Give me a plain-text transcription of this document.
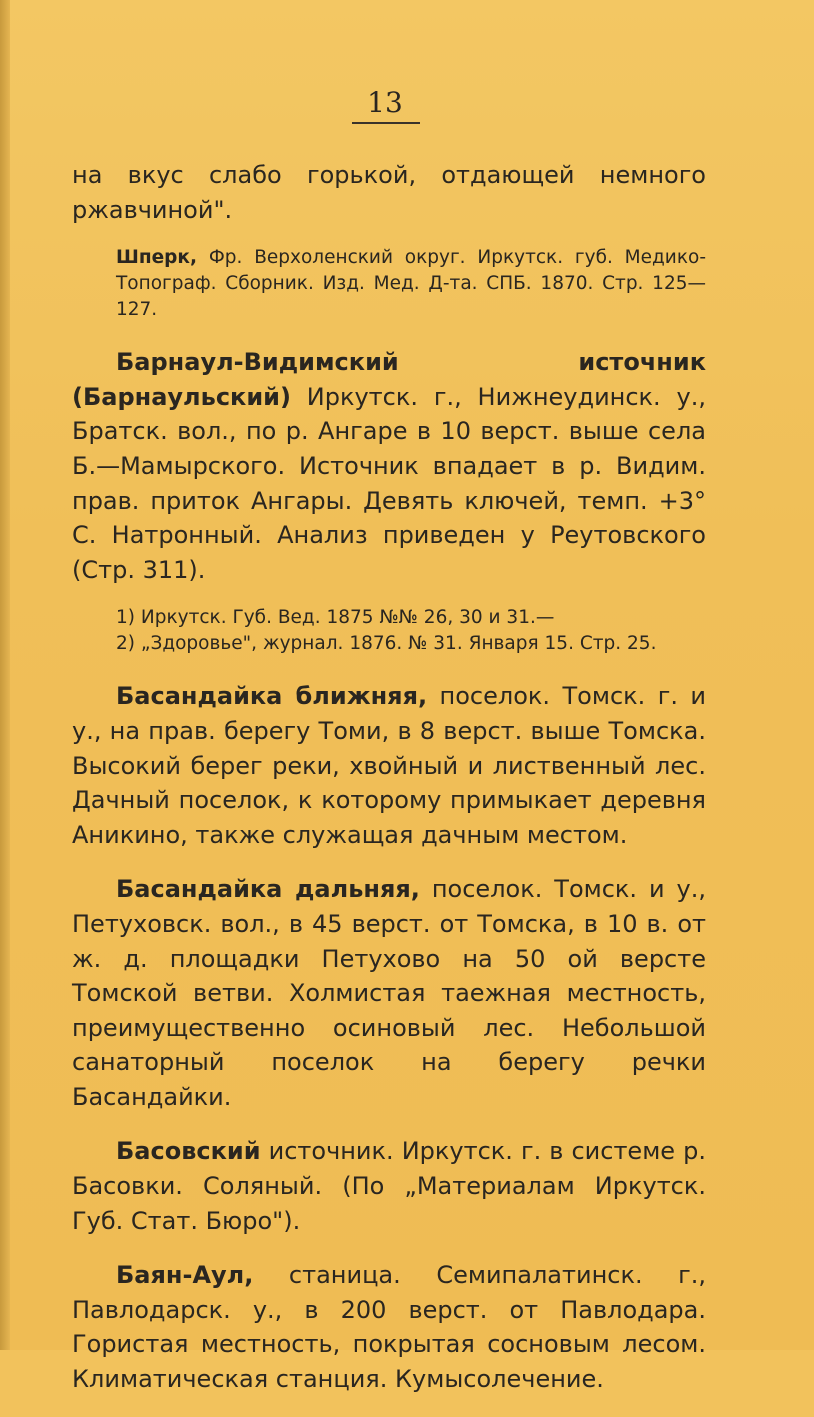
13

на вкус слабо горькой, отдающей немного ржавчиной".

Шперк, Фр. Верхоленский округ. Иркутск. губ. Медико-Топограф. Сборник. Изд. Мед. Д-та. СПБ. 1870. Стр. 125—127.

Барнаул-Видимский источник (Барнаульский) Иркутск. г., Нижнеудинск. у., Братск. вол., по р. Ангаре в 10 верст. выше села Б.—Мамырского. Источник впадает в р. Видим. прав. приток Ангары. Девять ключей, темп. +3° С. Натронный. Анализ приведен у Реутовского (Стр. 311).

1) Иркутск. Губ. Вед. 1875 №№ 26, 30 и 31.—
2) „Здоровье", журнал. 1876. № 31. Января 15. Стр. 25.

Басандайка ближняя, поселок. Томск. г. и у., на прав. берегу Томи, в 8 верст. выше Томска. Высокий берег реки, хвойный и лиственный лес. Дачный поселок, к которому примыкает деревня Аникино, также служащая дачным местом.

Басандайка дальняя, поселок. Томск. и у., Петуховск. вол., в 45 верст. от Томска, в 10 в. от ж. д. площадки Петухово на 50 ой версте Томской ветви. Холмистая таежная местность, преимущественно осиновый лес. Небольшой санаторный поселок на берегу речки Басандайки.

Басовский источник. Иркутск. г. в системе р. Басовки. Соляный. (По „Материалам Иркутск. Губ. Стат. Бюро").

Баян-Аул, станица. Семипалатинск. г., Павлодарск. у., в 200 верст. от Павлодара. Гористая местность, покрытая сосновым лесом. Климатическая станция. Кумысолечение.
